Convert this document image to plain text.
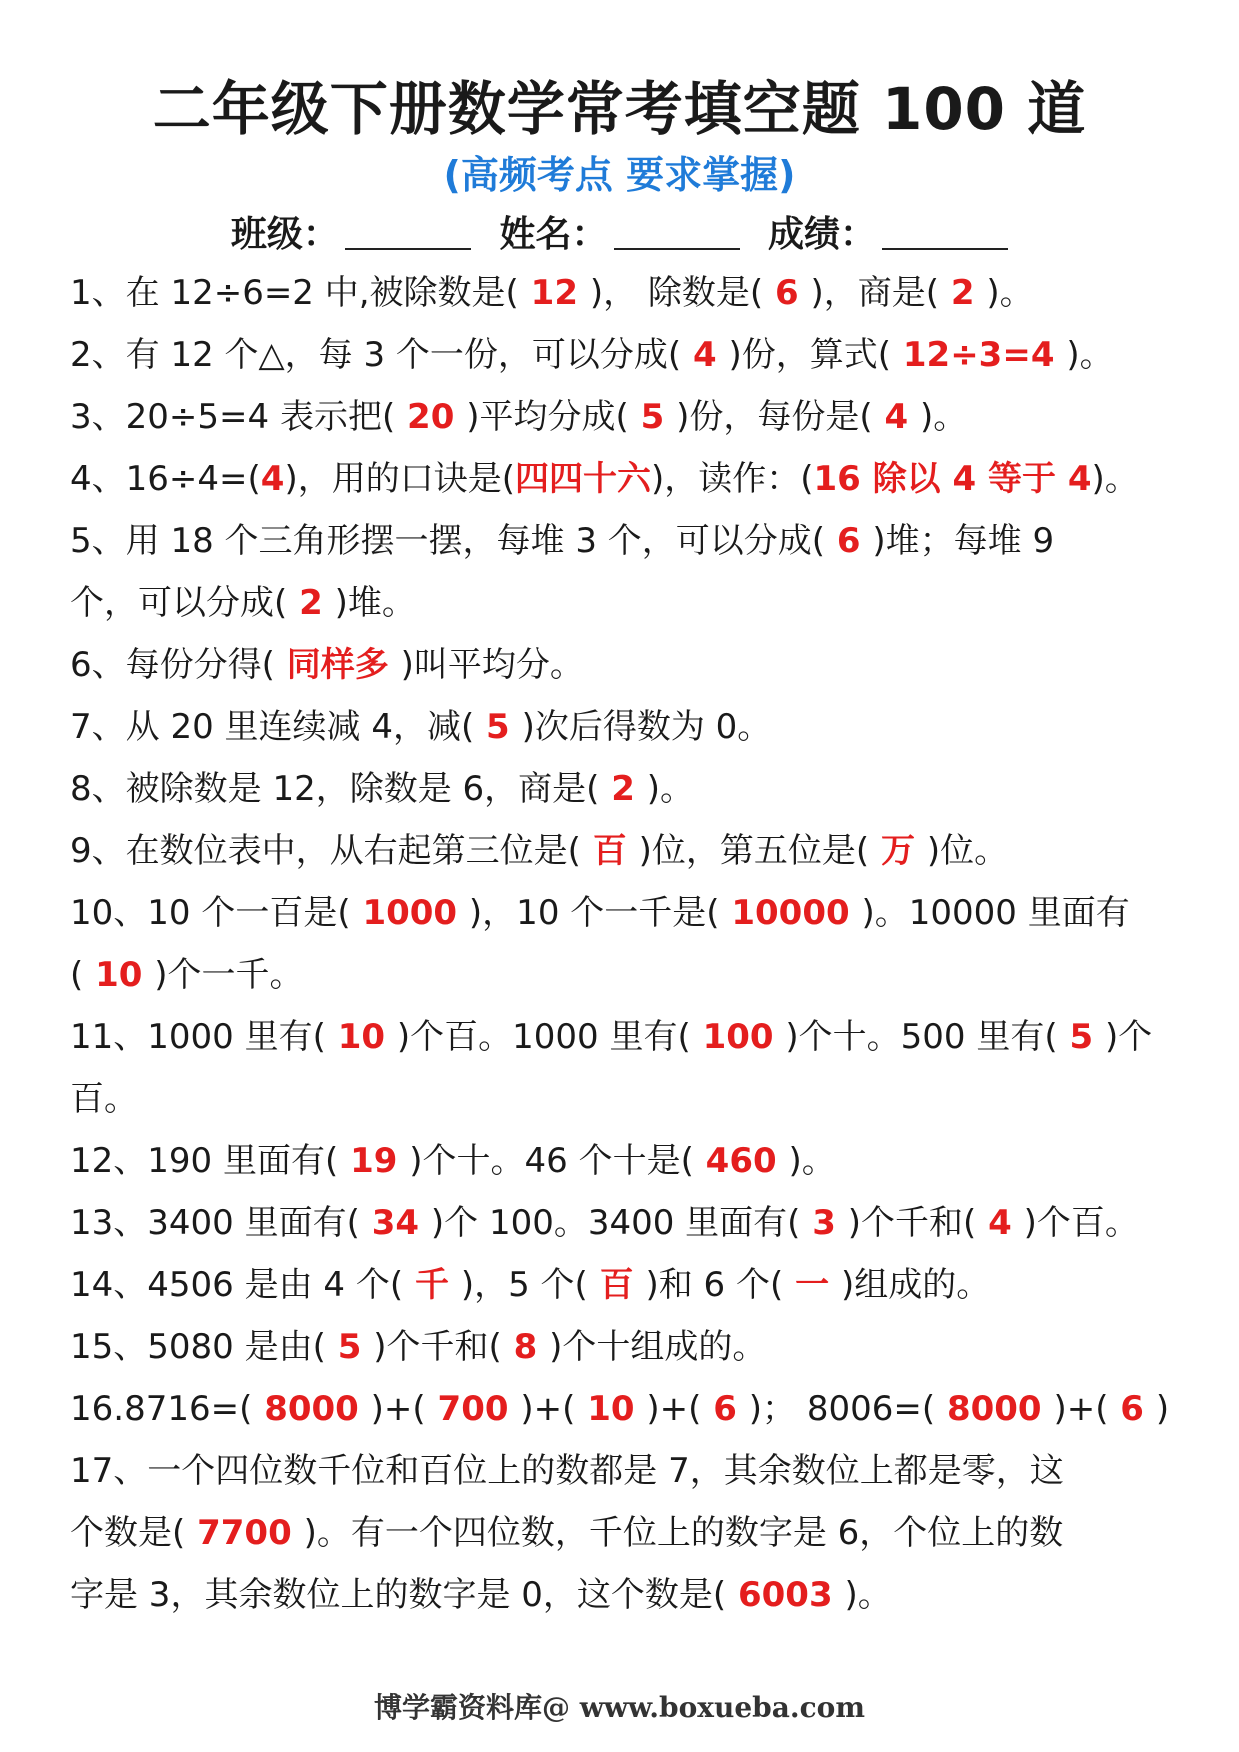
二年级下册数学常考填空题 100 道
(高频考点 要求掌握)
班级：	姓名：	成绩：
1、在 12÷6=2 中,被除数是( 12 )， 除数是( 6 )，商是( 2 )。
2、有 12 个△，每 3 个一份，可以分成( 4 )份，算式( 12÷3=4 )。
3、20÷5=4 表示把( 20 )平均分成( 5 )份，每份是( 4 )。
4、16÷4=(4)，用的口诀是(四四十六)，读作：(16 除以 4 等于 4)。
5、用 18 个三角形摆一摆，每堆 3 个，可以分成( 6 )堆；每堆 9
个，可以分成( 2 )堆。
6、每份分得( 同样多 )叫平均分。
7、从 20 里连续减 4，减( 5 )次后得数为 0。
8、被除数是 12，除数是 6，商是( 2 )。
9、在数位表中，从右起第三位是( 百 )位，第五位是( 万 )位。
10、10 个一百是( 1000 )，10 个一千是( 10000 )。10000 里面有
( 10 )个一千。
11、1000 里有( 10 )个百。1000 里有( 100 )个十。500 里有( 5 )个
百。
12、190 里面有( 19 )个十。46 个十是( 460 )。
13、3400 里面有( 34 )个 100。3400 里面有( 3 )个千和( 4 )个百。
14、4506 是由 4 个( 千 )，5 个( 百 )和 6 个( 一 )组成的。
15、5080 是由( 5 )个千和( 8 )个十组成的。
16.8716=( 8000 )+( 700 )+( 10 )+( 6 )； 8006=( 8000 )+( 6 )
17、一个四位数千位和百位上的数都是 7，其余数位上都是零，这
个数是( 7700 )。有一个四位数，千位上的数字是 6，个位上的数
字是 3，其余数位上的数字是 0，这个数是( 6003 )。
博学霸资料库@ www.boxueba.com
